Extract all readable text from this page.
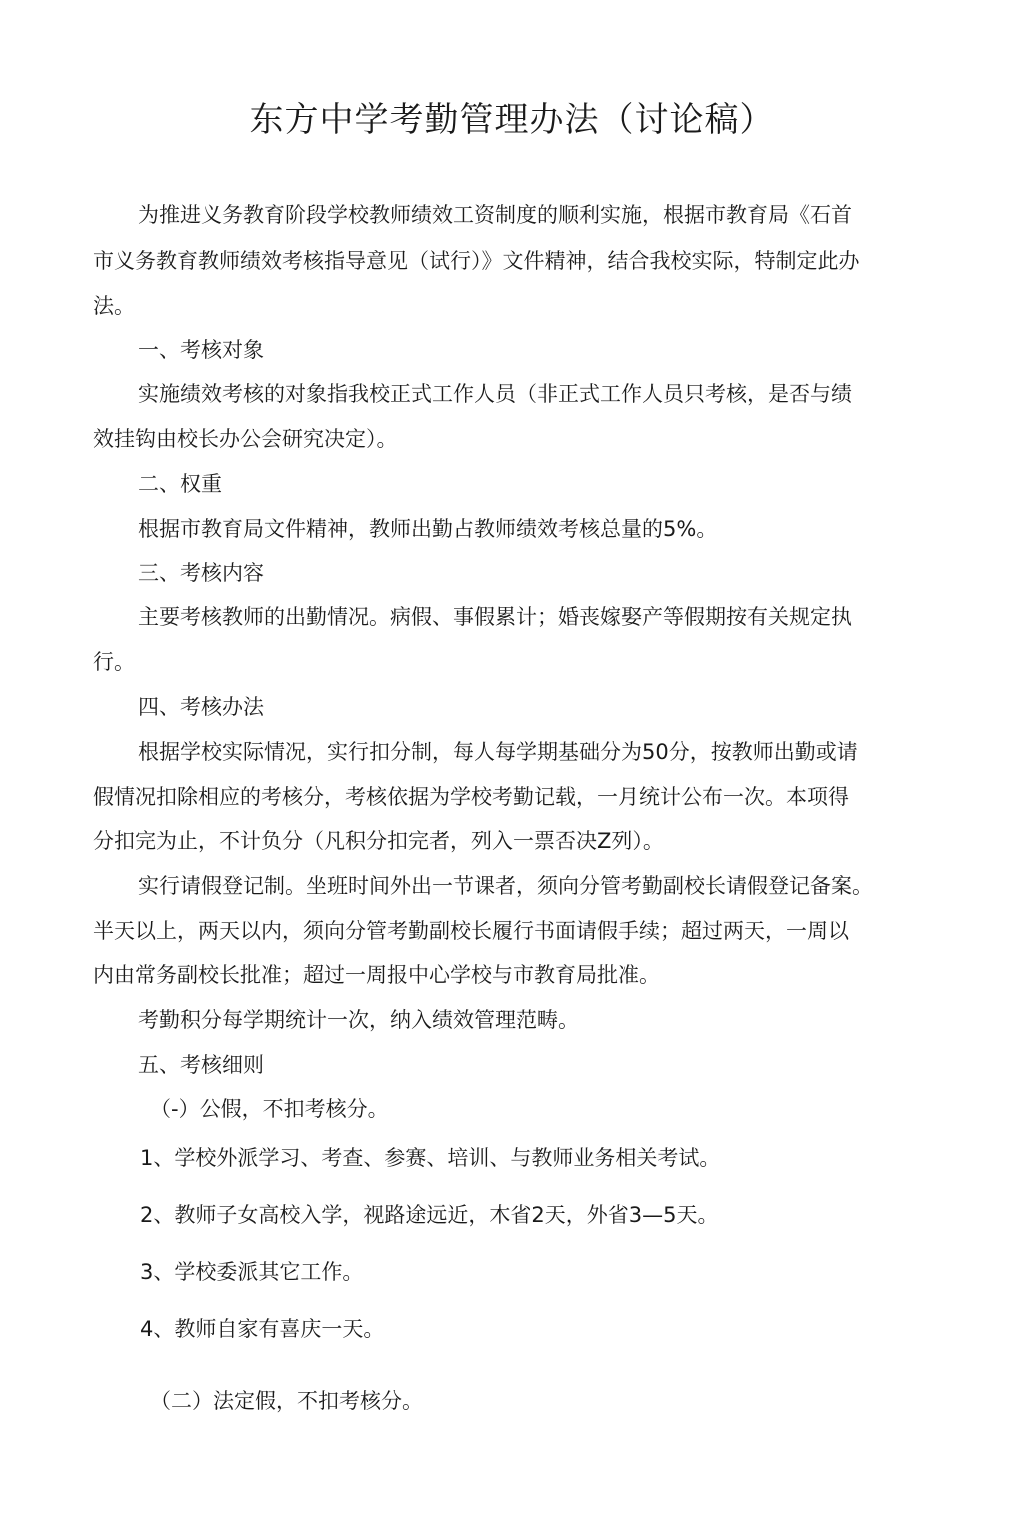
东方中学考勤管理办法（讨论稿）
为推进义务教育阶段学校教师绩效工资制度的顺利实施，根据市教育局《石首
市义务教育教师绩效考核指导意见（试行）》文件精神，结合我校实际，特制定此办
法。
一、考核对象
实施绩效考核的对象指我校正式工作人员（非正式工作人员只考核，是否与绩
效挂钩由校长办公会研究决定）。
二、权重
根据市教育局文件精神，教师出勤占教师绩效考核总量的5%。
三、考核内容
主要考核教师的出勤情况。病假、事假累计；婚丧嫁娶产等假期按有关规定执
行。
四、考核办法
根据学校实际情况，实行扣分制，每人每学期基础分为50分，按教师出勤或请
假情况扣除相应的考核分，考核依据为学校考勤记载，一月统计公布一次。本项得
分扣完为止，不计负分（凡积分扣完者，列入一票否决Z列）。
实行请假登记制。坐班时间外出一节课者，须向分管考勤副校长请假登记备案。
半天以上，两天以内，须向分管考勤副校长履行书面请假手续；超过两天，一周以
内由常务副校长批准；超过一周报中心学校与市教育局批准。
考勤积分每学期统计一次，纳入绩效管理范畴。
五、考核细则
（-）公假，不扣考核分。
1、学校外派学习、考查、参赛、培训、与教师业务相关考试。
2、教师子女高校入学，视路途远近，木省2天，外省3—5天。
3、学校委派其它工作。
4、教师自家有喜庆一天。
（二）法定假，不扣考核分。
